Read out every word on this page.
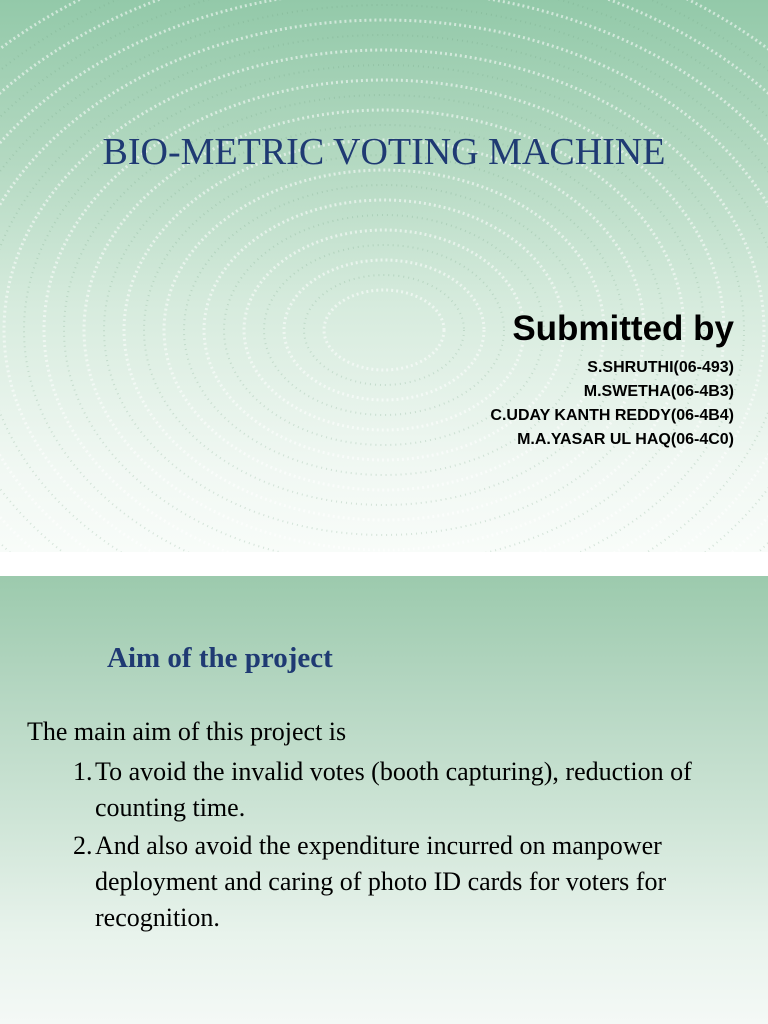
BIO-METRIC VOTING MACHINE
Submitted by
S.SHRUTHI(06-493)
M.SWETHA(06-4B3)
C.UDAY KANTH REDDY(06-4B4)
M.A.YASAR UL HAQ(06-4C0)
Aim of the project
The main aim of this project is
1. To avoid the invalid votes (booth capturing), reduction of counting time.
2. And also avoid the expenditure incurred on manpower deployment and caring of photo ID cards for voters for recognition.
